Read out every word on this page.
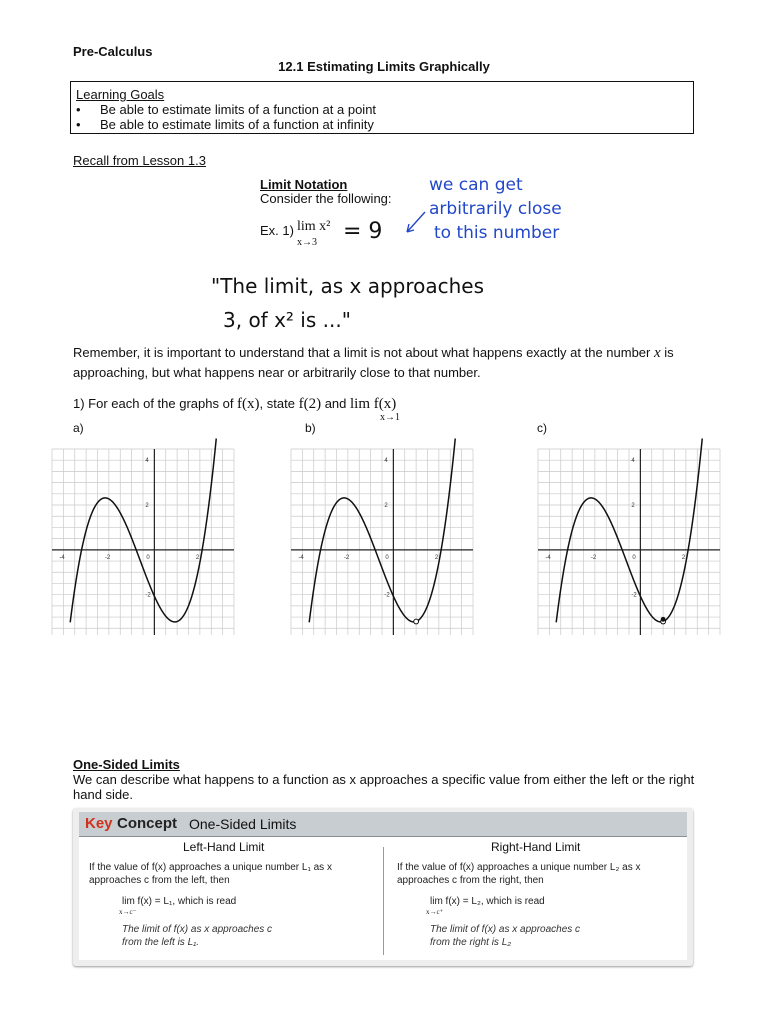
Pre-Calculus
12.1 Estimating Limits Graphically
Learning Goals
•	Be able to estimate limits of a function at a point
•	Be able to estimate limits of a function at infinity
Recall from Lesson 1.3
we can get
arbitrarily close
to this number
= 9
"The limit, as x approaches
3, of x² is ..."
Limit Notation
Consider the following:
Ex. 1) lim x²
x→3
Remember, it is important to understand that a limit is not about what happens exactly at the number x is approaching, but what happens near or arbitrarily close to that number.
1) For each of the graphs of f(x), state f(2) and lim f(x)
x→1
a)	b)	c)
-4	-2	0	2
4
2
-2
-4	-2	0	2
4
2
-2
-4	-2	0	2
4
2
-2
One-Sided Limits
We can describe what happens to a function as x approaches a specific value from either the left or the right hand side.
Key Concept One-Sided Limits
Left-Hand Limit
If the value of f(x) approaches a unique number L₁ as x approaches c from the left, then
lim f(x) = L₁, which is read
x→c⁻
The limit of f(x) as x approaches c
from the left is L₁.
Right-Hand Limit
If the value of f(x) approaches a unique number L₂ as x approaches c from the right, then
lim f(x) = L₂, which is read
x→c⁺
The limit of f(x) as x approaches c
from the right is L₂
